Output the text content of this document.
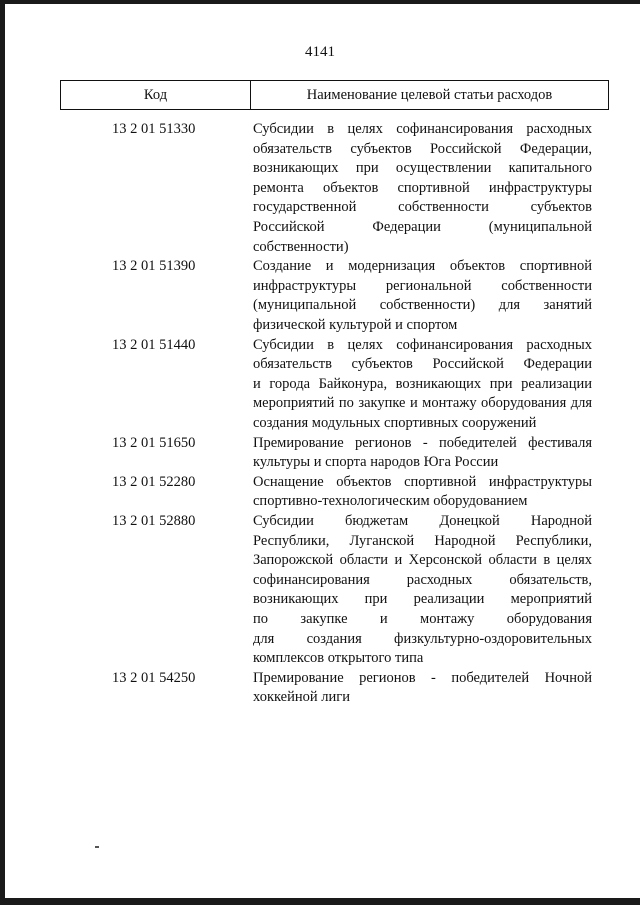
4141
Код	Наименование целевой статьи расходов
13 2 01 51330	Субсидии в целях софинансирования расходных
обязательств субъектов Российской Федерации,
возникающих при осуществлении капитального
ремонта объектов спортивной инфраструктуры
государственной собственности субъектов
Российской Федерации (муниципальной
собственности)
13 2 01 51390	Создание и модернизация объектов спортивной
инфраструктуры региональной собственности
(муниципальной собственности) для занятий
физической культурой и спортом
13 2 01 51440	Субсидии в целях софинансирования расходных
обязательств субъектов Российской Федерации
и города Байконура, возникающих при реализации
мероприятий по закупке и монтажу оборудования для
создания модульных спортивных сооружений
13 2 01 51650	Премирование регионов - победителей фестиваля
культуры и спорта народов Юга России
13 2 01 52280	Оснащение объектов спортивной инфраструктуры
спортивно-технологическим оборудованием
13 2 01 52880	Субсидии бюджетам Донецкой Народной
Республики, Луганской Народной Республики,
Запорожской области и Херсонской области в целях
софинансирования расходных обязательств,
возникающих при реализации мероприятий
по закупке и монтажу оборудования
для создания физкультурно-оздоровительных
комплексов открытого типа
13 2 01 54250	Премирование регионов - победителей Ночной
хоккейной лиги
